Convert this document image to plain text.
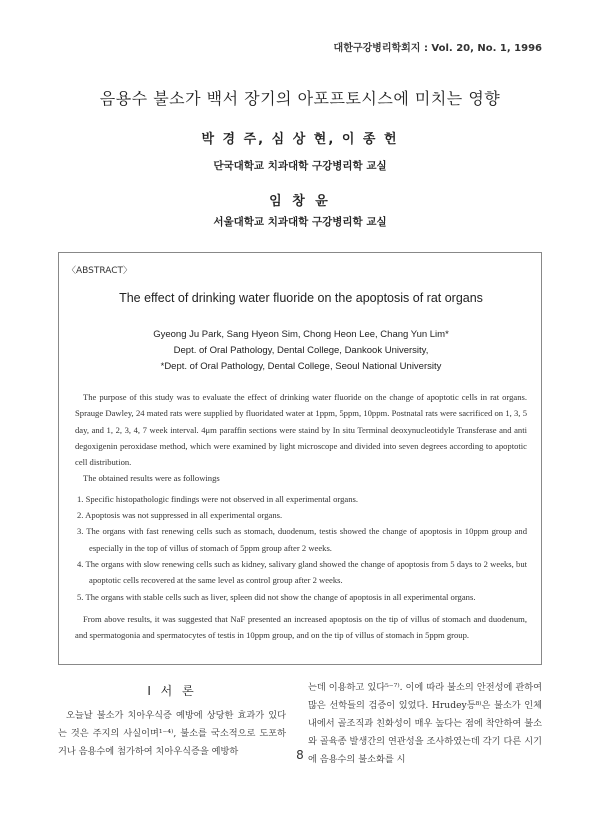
대한구강병리학회지 : Vol. 20, No. 1, 1996
음용수 불소가 백서 장기의 아포프토시스에 미치는 영향
박 경 주, 심 상 현, 이 종 헌
단국대학교 치과대학 구강병리학 교실
임 창 윤
서울대학교 치과대학 구강병리학 교실
〈ABSTRACT〉
The effect of drinking water fluoride on the apoptosis of rat organs
Gyeong Ju Park, Sang Hyeon Sim, Chong Heon Lee, Chang Yun Lim*
Dept. of Oral Pathology, Dental College, Dankook University,
*Dept. of Oral Pathology, Dental College, Seoul National University

The purpose of this study was to evaluate the effect of drinking water fluoride on the change of apoptotic cells in rat organs. Sprauge Dawley, 24 mated rats were supplied by fluoridated water at 1ppm, 5ppm, 10ppm. Postnatal rats were sacrificed on 1, 3, 5 day, and 1, 2, 3, 4, 7 week interval. 4μm paraffin sections were staind by In situ Terminal deoxynucleotidyle Transferase and anti degoxigenin peroxidase method, which were examined by light microscope and divided into seven degrees according to apoptotic cell distribution.

The obtained results were as followings

1. Specific histopathologic findings were not observed in all experimental organs.
2. Apoptosis was not suppressed in all experimental organs.
3. The organs with fast renewing cells such as stomach, duodenum, testis showed the change of apoptosis in 10ppm group and especially in the top of villus of stomach of 5ppm group after 2 weeks.
4. The organs with slow renewing cells such as kidney, salivary gland showed the change of apoptosis from 5 days to 2 weeks, but apoptotic cells recovered at the same level as control group after 2 weeks.
5. The organs with stable cells such as liver, spleen did not show the change of apoptosis in all experimental organs.

From above results, it was suggested that NaF presented an increased apoptosis on the tip of villus of stomach and duodenum, and spermatogonia and spermatocytes of testis in 10ppm group, and on the tip of villus of stomach in 5ppm group.

Ⅰ 서 론

오늘날 불소가 치아우식증 예방에 상당한 효과가 있다는 것은 주지의 사실이며¹⁻⁴⁾, 불소를 국소적으로 도포하거나 음용수에 첨가하여 치아우식증을 예방하

는데 이용하고 있다⁵⁻⁷⁾. 이에 따라 불소의 안전성에 관하여 많은 선학들의 검증이 있었다. Hrudey등⁸⁾은 불소가 인체내에서 골조직과 친화성이 매우 높다는 점에 착안하여 불소와 골육종 발생간의 연관성을 조사하였는데 각기 다른 시기에 음용수의 불소화를 시

8
